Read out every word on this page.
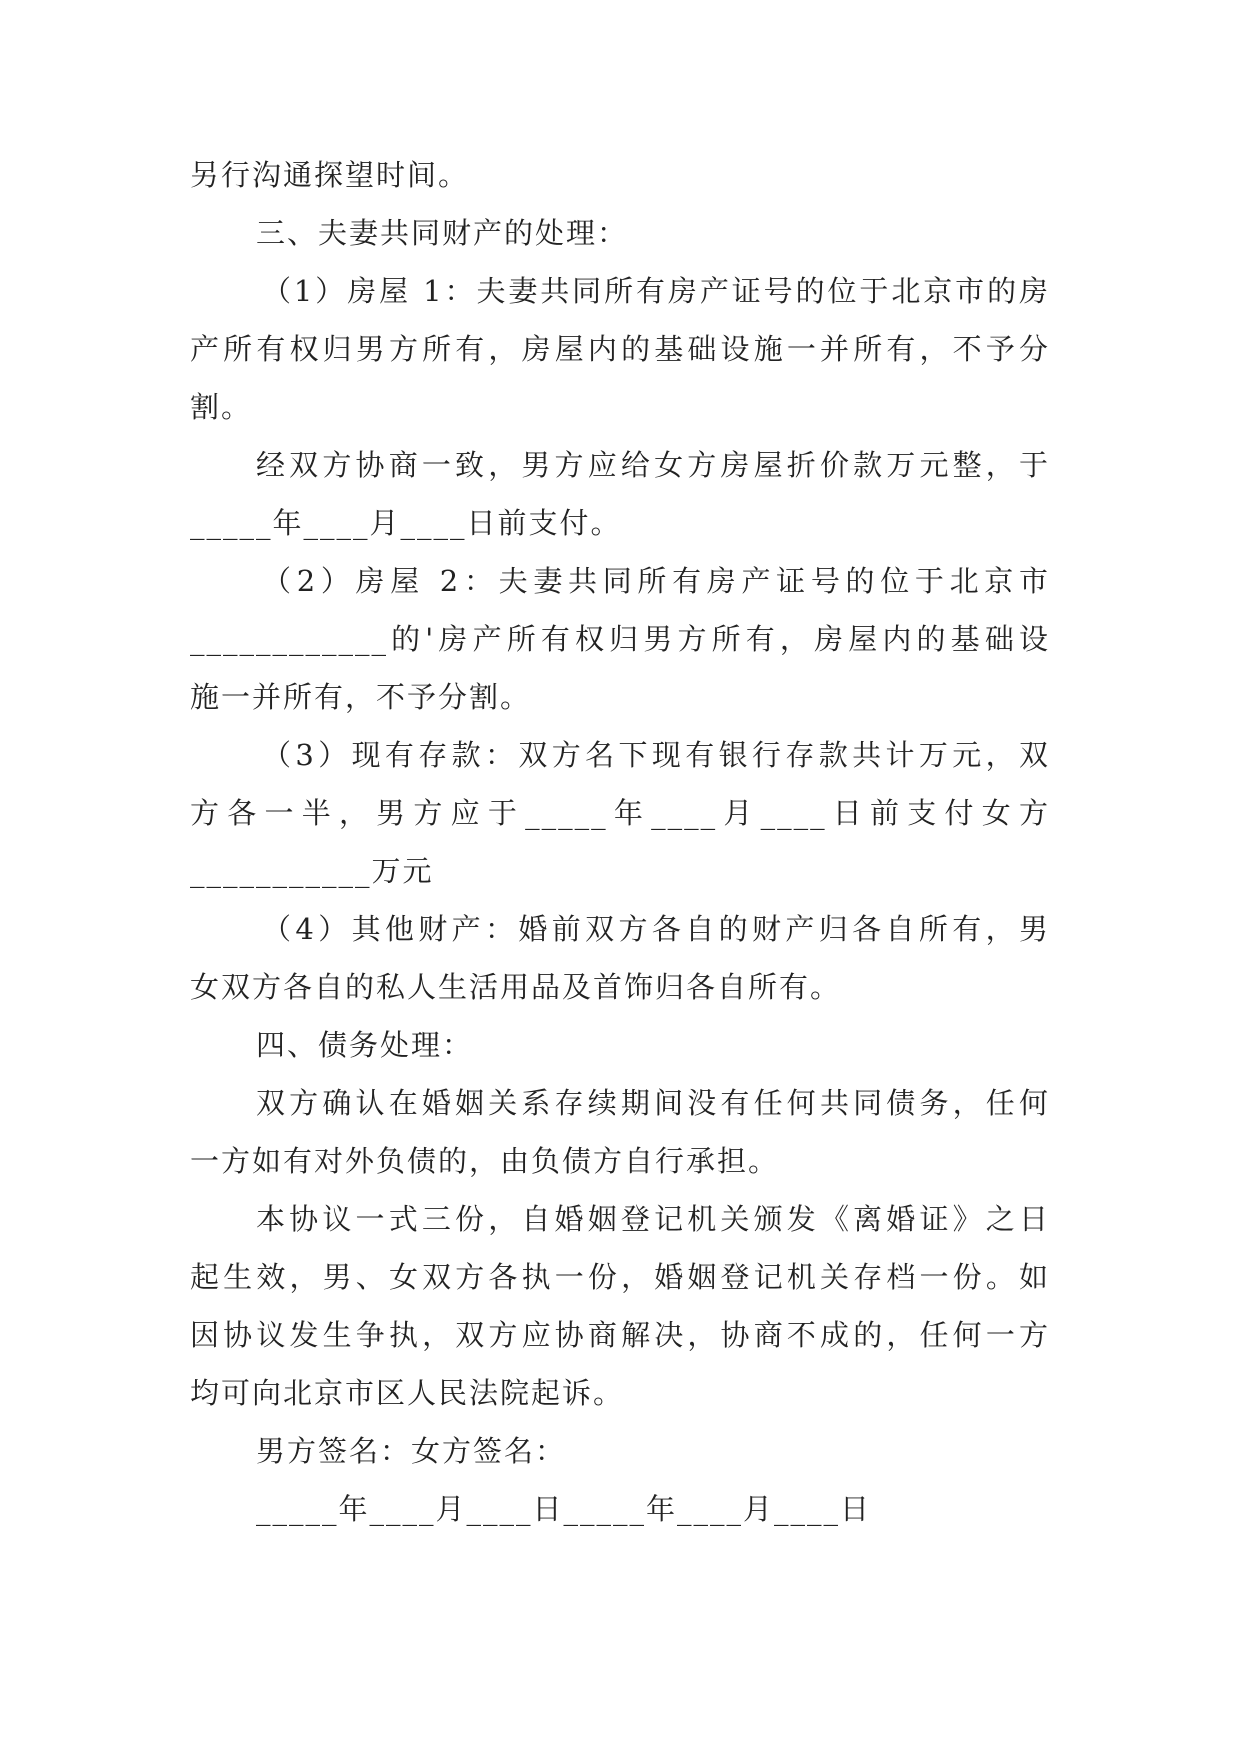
另行沟通探望时间。
三、夫妻共同财产的处理：
（1）房屋 1：夫妻共同所有房产证号的位于北京市的房
产所有权归男方所有，房屋内的基础设施一并所有，不予分
割。
经双方协商一致，男方应给女方房屋折价款万元整，于
_____年____月____日前支付。
（2）房屋 2：夫妻共同所有房产证号的位于北京市
____________的'房产所有权归男方所有，房屋内的基础设
施一并所有，不予分割。
（3）现有存款：双方名下现有银行存款共计万元，双
方各一半，男方应于_____年____月____日前支付女方
___________万元
（4）其他财产：婚前双方各自的财产归各自所有，男
女双方各自的私人生活用品及首饰归各自所有。
四、债务处理：
双方确认在婚姻关系存续期间没有任何共同债务，任何
一方如有对外负债的，由负债方自行承担。
本协议一式三份，自婚姻登记机关颁发《离婚证》之日
起生效，男、女双方各执一份，婚姻登记机关存档一份。如
因协议发生争执，双方应协商解决，协商不成的，任何一方
均可向北京市区人民法院起诉。
男方签名：女方签名：
_____年____月____日_____年____月____日
